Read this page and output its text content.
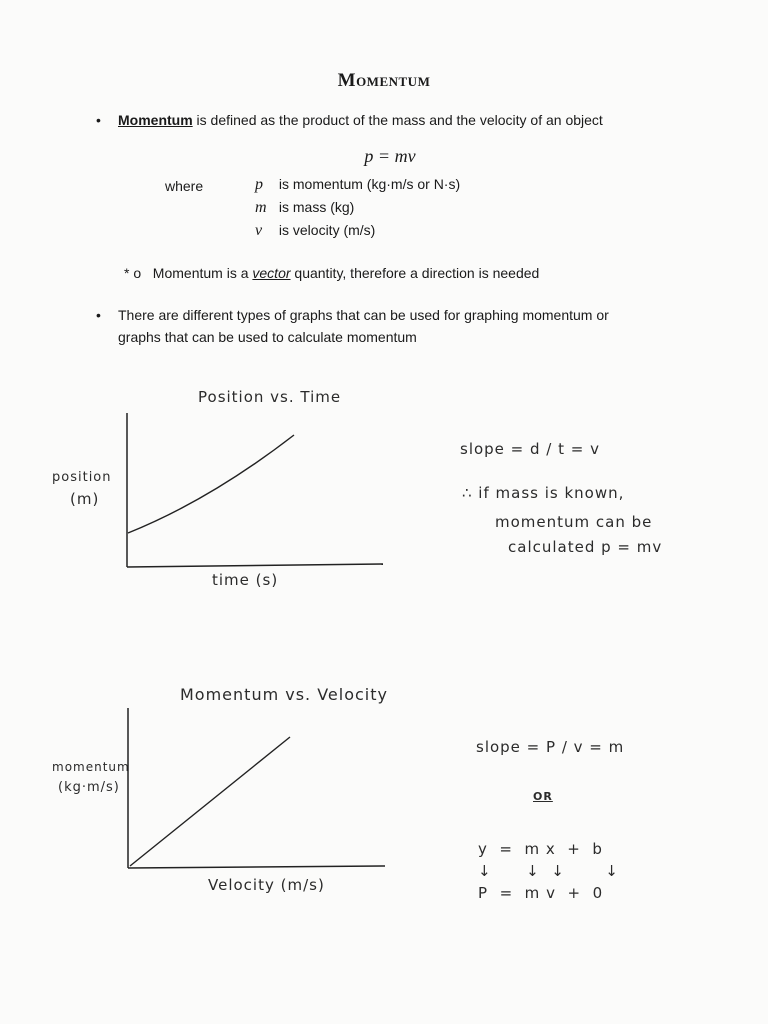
Momentum
• Momentum is defined as the product of the mass and the velocity of an object
p = mv
where	p is momentum (kg·m/s or N·s)
m is mass (kg)
v is velocity (m/s)
* o Momentum is a vector quantity, therefore a direction is needed
• There are different types of graphs that can be used for graphing momentum or
graphs that can be used to calculate momentum
Position vs. Time
position
(m)
time (s)
slope = d / t = v
∴ if mass is known,
momentum can be
calculated p = mv
Momentum vs. Velocity
momentum
(kg·m/s)
Velocity (m/s)
slope = P / v = m
OR
y  =  m x  +  b
↓      ↓  ↓       ↓
P  =  m v  +  0
